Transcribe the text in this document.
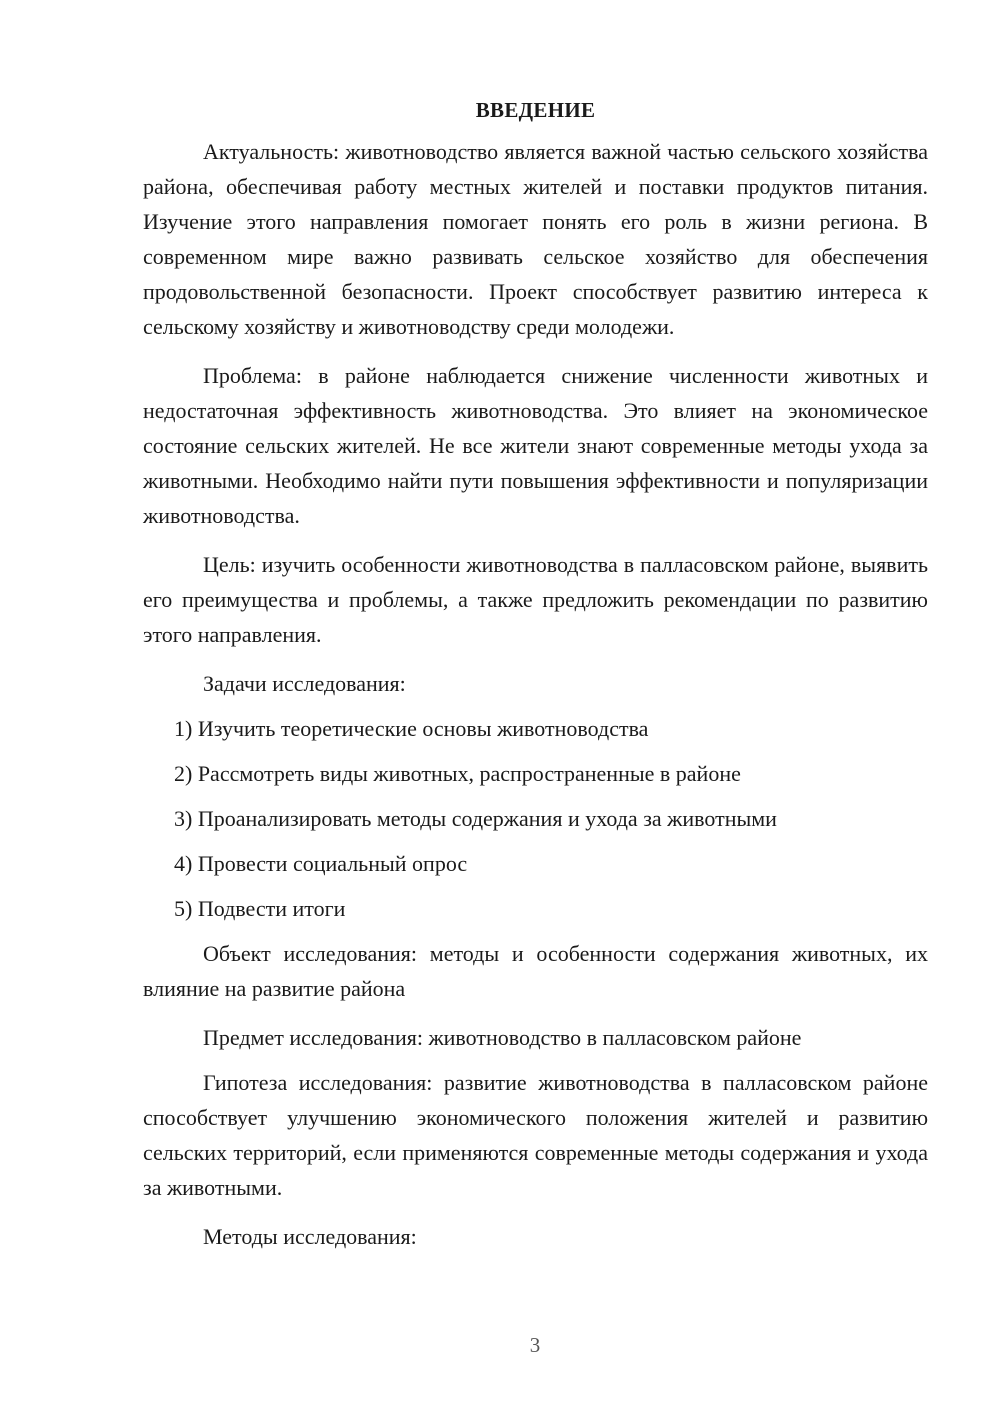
ВВЕДЕНИЕ

Актуальность: животноводство является важной частью сельского хозяйства района, обеспечивая работу местных жителей и поставки продуктов питания. Изучение этого направления помогает понять его роль в жизни региона. В современном мире важно развивать сельское хозяйство для обеспечения продовольственной безопасности. Проект способствует развитию интереса к сельскому хозяйству и животноводству среди молодежи.

Проблема: в районе наблюдается снижение численности животных и недостаточная эффективность животноводства. Это влияет на экономическое состояние сельских жителей. Не все жители знают современные методы ухода за животными. Необходимо найти пути повышения эффективности и популяризации животноводства.

Цель: изучить особенности животноводства в палласовском районе, выявить его преимущества и проблемы, а также предложить рекомендации по развитию этого направления.

Задачи исследования:

1) Изучить теоретические основы животноводства
2) Рассмотреть виды животных, распространенные в районе
3) Проанализировать методы содержания и ухода за животными
4) Провести социальный опрос
5) Подвести итоги

Объект исследования: методы и особенности содержания животных, их влияние на развитие района

Предмет исследования: животноводство в палласовском районе

Гипотеза исследования: развитие животноводства в палласовском районе способствует улучшению экономического положения жителей и развитию сельских территорий, если применяются современные методы содержания и ухода за животными.

Методы исследования:

3
